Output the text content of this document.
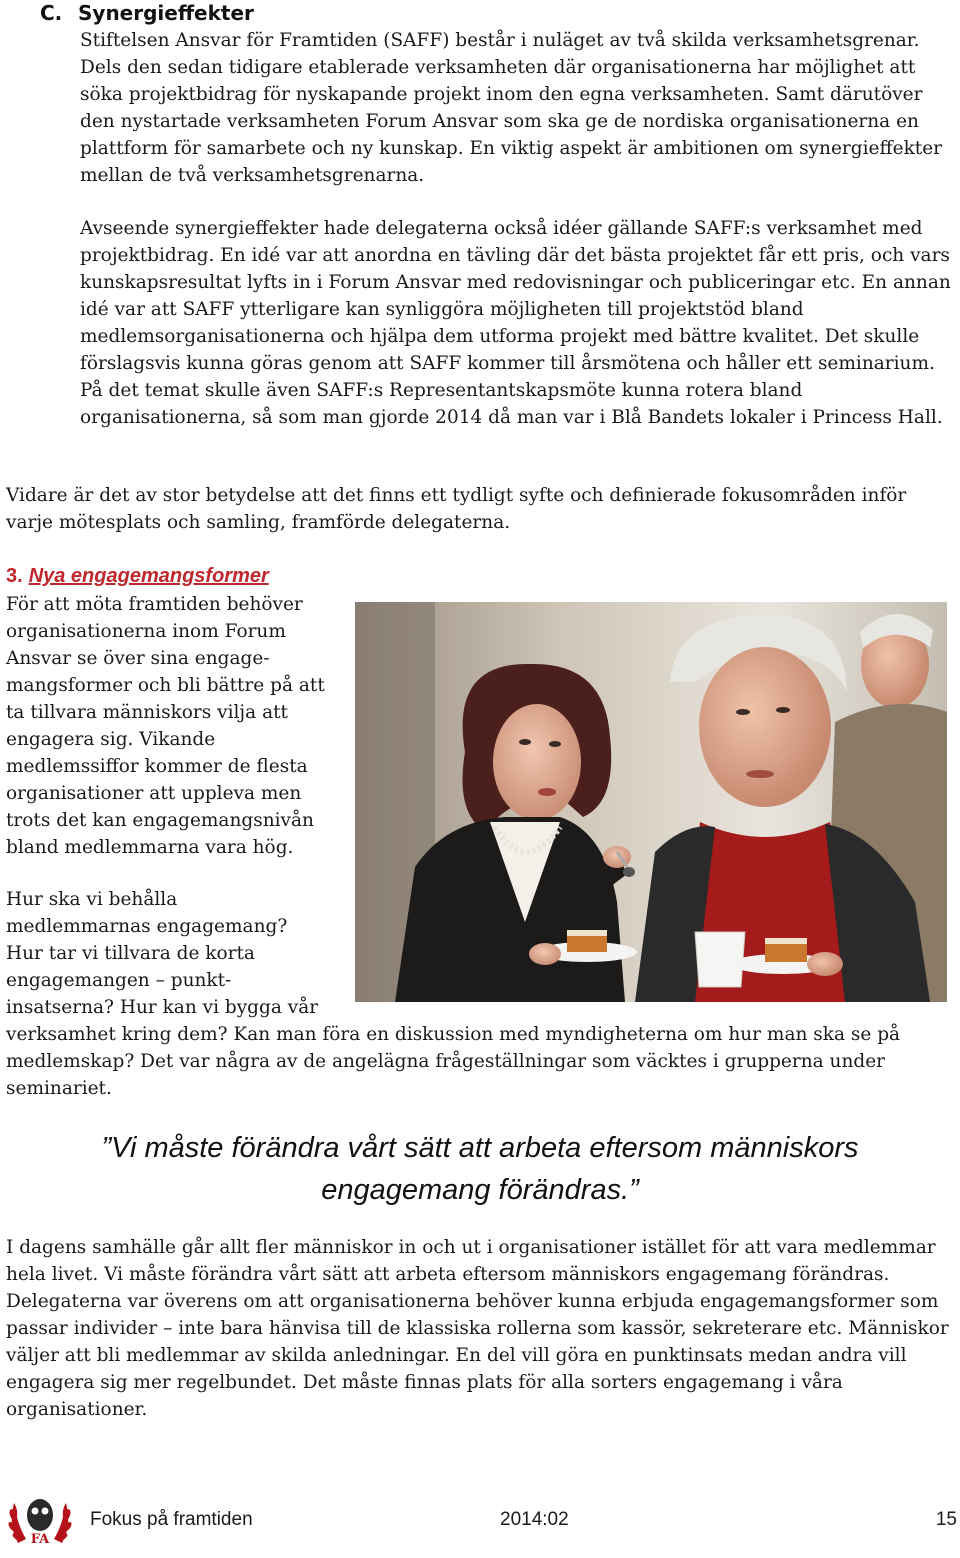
C. Synergieffekter

Stiftelsen Ansvar för Framtiden (SAFF) består i nuläget av två skilda verksamhetsgrenar. Dels den sedan tidigare etablerade verksamheten där organisationerna har möjlighet att söka projektbidrag för nyskapande projekt inom den egna verksamheten. Samt därutöver den nystartade verksamheten Forum Ansvar som ska ge de nordiska organisationerna en plattform för samarbete och ny kunskap. En viktig aspekt är ambitionen om synergieffekter mellan de två verksamhetsgrenarna.

Avseende synergieffekter hade delegaterna också idéer gällande SAFF:s verksamhet med projektbidrag. En idé var att anordna en tävling där det bästa projektet får ett pris, och vars kunskapsresultat lyfts in i Forum Ansvar med redovisningar och publiceringar etc. En annan idé var att SAFF ytterligare kan synliggöra möjligheten till projektstöd bland medlemsorganisationerna och hjälpa dem utforma projekt med bättre kvalitet. Det skulle förslagsvis kunna göras genom att SAFF kommer till årsmötena och håller ett seminarium. På det temat skulle även SAFF:s Representantskapsmöte kunna rotera bland organisationerna, så som man gjorde 2014 då man var i Blå Bandets lokaler i Princess Hall.

Vidare är det av stor betydelse att det finns ett tydligt syfte och definierade fokusområden inför varje mötesplats och samling, framförde delegaterna.

3. Nya engagemangsformer
För att möta framtiden behöver
organisationerna inom Forum
Ansvar se över sina engage-
mangsformer och bli bättre på att
ta tillvara människors vilja att
engagera sig. Vikande
medlemssiffor kommer de flesta
organisationer att uppleva men
trots det kan engagemangsnivån
bland medlemmarna vara hög.
Hur ska vi behålla
medlemmarnas engagemang?
Hur tar vi tillvara de korta
engagemangen – punkt-
insatserna? Hur kan vi bygga vår

verksamhet kring dem? Kan man föra en diskussion med myndigheterna om hur man ska se på medlemskap? Det var några av de angelägna frågeställningar som väcktes i grupperna under seminariet.

”Vi måste förändra vårt sätt att arbeta eftersom människors engagemang förändras.”

I dagens samhälle går allt fler människor in och ut i organisationer istället för att vara medlemmar hela livet. Vi måste förändra vårt sätt att arbeta eftersom människors engagemang förändras. Delegaterna var överens om att organisationerna behöver kunna erbjuda engagemangsformer som passar individer – inte bara hänvisa till de klassiska rollerna som kassör, sekreterare etc. Människor väljer att bli medlemmar av skilda anledningar. En del vill göra en punktinsats medan andra vill engagera sig mer regelbundet. Det måste finnas plats för alla sorters engagemang i våra organisationer.

FA
Fokus på framtiden	2014:02	15
